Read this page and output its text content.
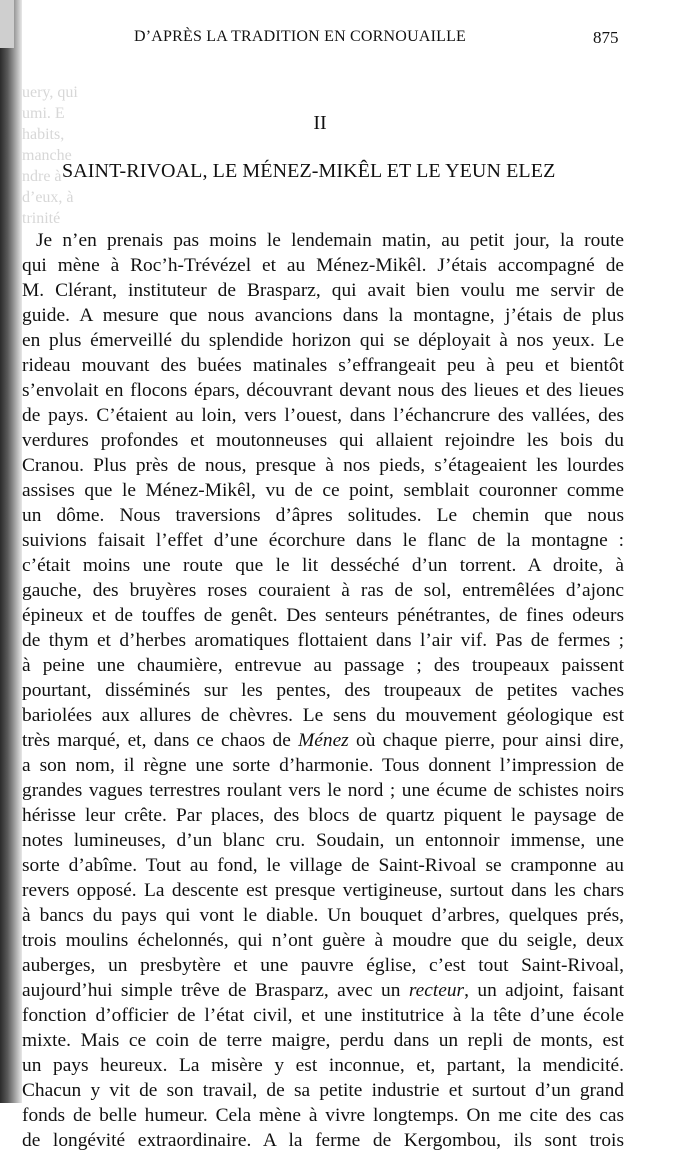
uery, qui
umi. E
habits,
manche
ndre à
d’eux, à
trinité
D’APRÈS LA TRADITION EN CORNOUAILLE	875
II
SAINT-RIVOAL, LE MÉNEZ-MIKÊL ET LE YEUN ELEZ
Je n’en prenais pas moins le lendemain matin, au petit jour, la route
qui mène à Roc’h-Trévézel et au Ménez-Mikêl. J’étais accompagné de
M. Clérant, instituteur de Brasparz, qui avait bien voulu me servir de
guide. A mesure que nous avancions dans la montagne, j’étais de plus
en plus émerveillé du splendide horizon qui se déployait à nos yeux. Le
rideau mouvant des buées matinales s’effrangeait peu à peu et bientôt
s’envolait en flocons épars, découvrant devant nous des lieues et des lieues
de pays. C’étaient au loin, vers l’ouest, dans l’échancrure des vallées, des
verdures profondes et moutonneuses qui allaient rejoindre les bois du
Cranou. Plus près de nous, presque à nos pieds, s’étageaient les lourdes
assises que le Ménez-Mikêl, vu de ce point, semblait couronner comme
un dôme. Nous traversions d’âpres solitudes. Le chemin que nous
suivions faisait l’effet d’une écorchure dans le flanc de la montagne :
c’était moins une route que le lit desséché d’un torrent. A droite, à
gauche, des bruyères roses couraient à ras de sol, entremêlées d’ajonc
épineux et de touffes de genêt. Des senteurs pénétrantes, de fines odeurs
de thym et d’herbes aromatiques flottaient dans l’air vif. Pas de fermes ;
à peine une chaumière, entrevue au passage ; des troupeaux paissent
pourtant, disséminés sur les pentes, des troupeaux de petites vaches
bariolées aux allures de chèvres. Le sens du mouvement géologique est
très marqué, et, dans ce chaos de Ménez où chaque pierre, pour ainsi dire,
a son nom, il règne une sorte d’harmonie. Tous donnent l’impression de
grandes vagues terrestres roulant vers le nord ; une écume de schistes noirs
hérisse leur crête. Par places, des blocs de quartz piquent le paysage de
notes lumineuses, d’un blanc cru. Soudain, un entonnoir immense, une
sorte d’abîme. Tout au fond, le village de Saint-Rivoal se cramponne au
revers opposé. La descente est presque vertigineuse, surtout dans les chars
à bancs du pays qui vont le diable. Un bouquet d’arbres, quelques prés,
trois moulins échelonnés, qui n’ont guère à moudre que du seigle, deux
auberges, un presbytère et une pauvre église, c’est tout Saint-Rivoal,
aujourd’hui simple trêve de Brasparz, avec un recteur, un adjoint, faisant
fonction d’officier de l’état civil, et une institutrice à la tête d’une école
mixte. Mais ce coin de terre maigre, perdu dans un repli de monts, est
un pays heureux. La misère y est inconnue, et, partant, la mendicité.
Chacun y vit de son travail, de sa petite industrie et surtout d’un grand
fonds de belle humeur. Cela mène à vivre longtemps. On me cite des cas
de longévité extraordinaire. A la ferme de Kergombou, ils sont trois
